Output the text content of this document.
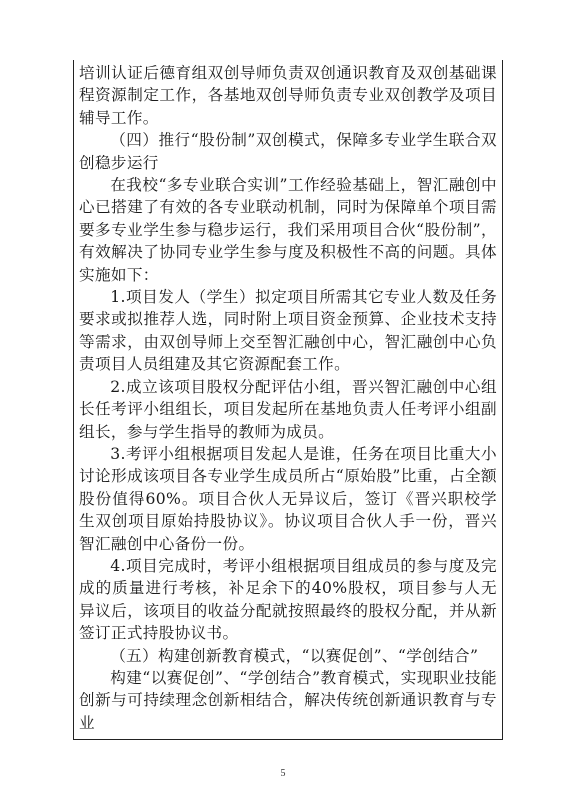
培训认证后德育组双创导师负责双创通识教育及双创基础课程资源制定工作，各基地双创导师负责专业双创教学及项目辅导工作。

（四）推行“股份制”双创模式，保障多专业学生联合双创稳步运行

在我校“多专业联合实训”工作经验基础上，智汇融创中心已搭建了有效的各专业联动机制，同时为保障单个项目需要多专业学生参与稳步运行，我们采用项目合伙“股份制”，有效解决了协同专业学生参与度及积极性不高的问题。具体实施如下：

1.项目发人（学生）拟定项目所需其它专业人数及任务要求或拟推荐人选，同时附上项目资金预算、企业技术支持等需求，由双创导师上交至智汇融创中心，智汇融创中心负责项目人员组建及其它资源配套工作。

2.成立该项目股权分配评估小组，晋兴智汇融创中心组长任考评小组组长，项目发起所在基地负责人任考评小组副组长，参与学生指导的教师为成员。

3.考评小组根据项目发起人是谁，任务在项目比重大小讨论形成该项目各专业学生成员所占“原始股”比重，占全额股份值得60%。项目合伙人无异议后，签订《晋兴职校学生双创项目原始持股协议》。协议项目合伙人手一份，晋兴智汇融创中心备份一份。

4.项目完成时，考评小组根据项目组成员的参与度及完成的质量进行考核，补足余下的40%股权，项目参与人无异议后，该项目的收益分配就按照最终的股权分配，并从新签订正式持股协议书。

（五）构建创新教育模式，“以赛促创”、“学创结合”

构建“以赛促创”、“学创结合”教育模式，实现职业技能创新与可持续理念创新相结合，解决传统创新通识教育与专业

5
